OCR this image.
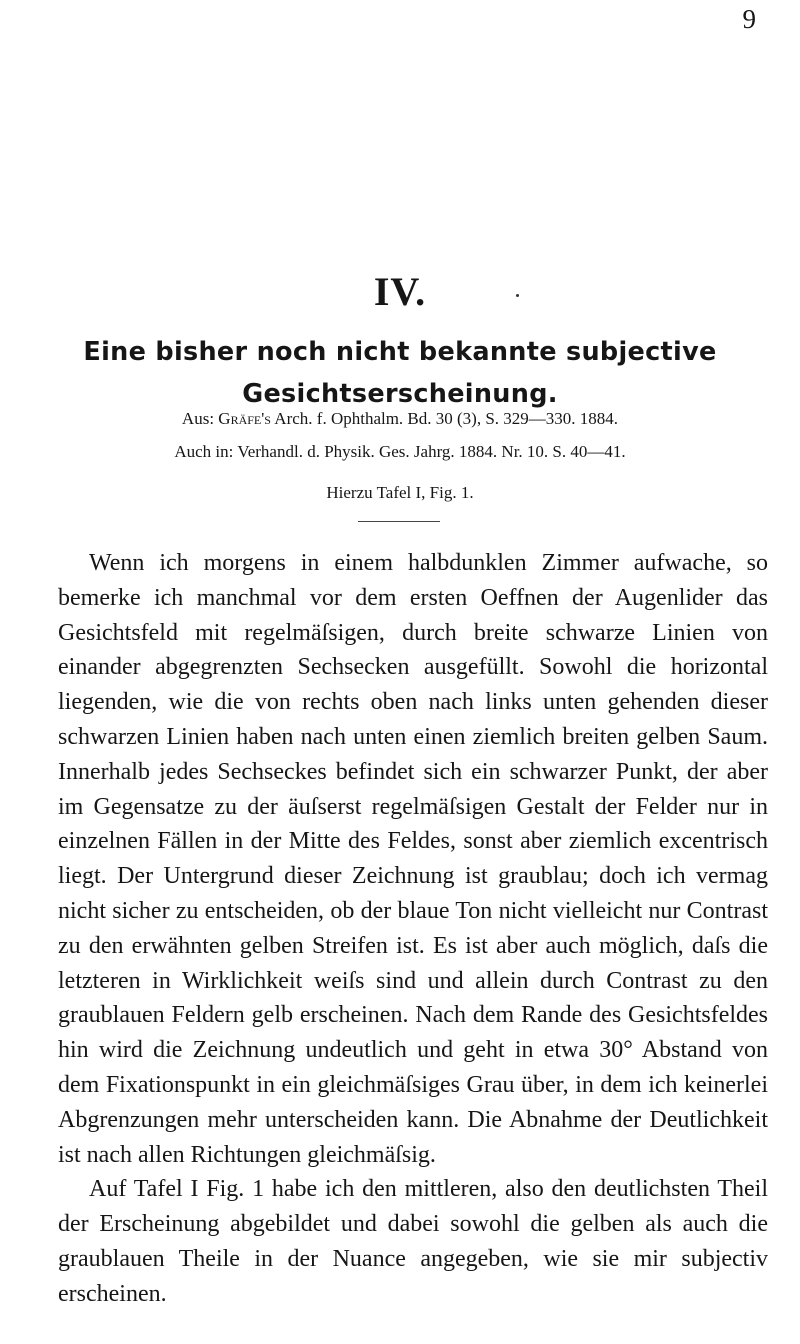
9
IV.
Eine bisher noch nicht bekannte subjective Gesichtserscheinung.
Aus: Gräfe's Arch. f. Ophthalm. Bd. 30 (3), S. 329—330. 1884.
Auch in: Verhandl. d. Physik. Ges. Jahrg. 1884. Nr. 10. S. 40—41.
Hierzu Tafel I, Fig. 1.

Wenn ich morgens in einem halbdunklen Zimmer aufwache, so bemerke ich manchmal vor dem ersten Oeffnen der Augenlider das Gesichtsfeld mit regelmäſsigen, durch breite schwarze Linien von einander abgegrenzten Sechsecken ausgefüllt. Sowohl die horizontal liegenden, wie die von rechts oben nach links unten gehenden dieser schwarzen Linien haben nach unten einen ziemlich breiten gelben Saum. Innerhalb jedes Sechseckes befindet sich ein schwarzer Punkt, der aber im Gegensatze zu der äuſserst regelmäſsigen Gestalt der Felder nur in einzelnen Fällen in der Mitte des Feldes, sonst aber ziemlich excentrisch liegt. Der Untergrund dieser Zeichnung ist graublau; doch ich vermag nicht sicher zu entscheiden, ob der blaue Ton nicht vielleicht nur Contrast zu den erwähnten gelben Streifen ist. Es ist aber auch möglich, daſs die letzteren in Wirklichkeit weiſs sind und allein durch Contrast zu den graublauen Feldern gelb erscheinen. Nach dem Rande des Gesichtsfeldes hin wird die Zeichnung undeutlich und geht in etwa 30° Abstand von dem Fixationspunkt in ein gleichmäſsiges Grau über, in dem ich keinerlei Abgrenzungen mehr unterscheiden kann. Die Abnahme der Deutlichkeit ist nach allen Richtungen gleichmäſsig.

Auf Tafel I Fig. 1 habe ich den mittleren, also den deutlichsten Theil der Erscheinung abgebildet und dabei sowohl die gelben als auch die graublauen Theile in der Nuance angegeben, wie sie mir subjectiv erscheinen.
